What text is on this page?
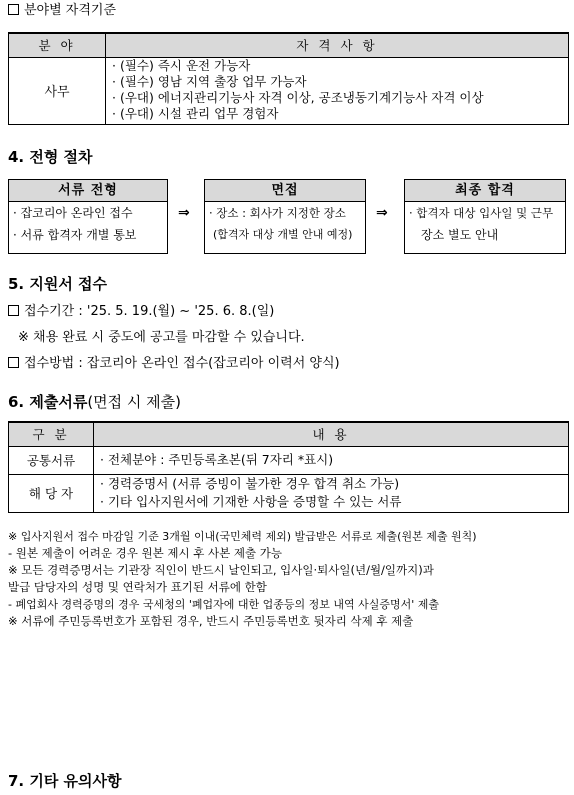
분야별 자격기준
분 야	자 격 사 항
사무	· (필수) 즉시 운전 가능자
· (필수) 영남 지역 출장 업무 가능자
· (우대) 에너지관리기능사 자격 이상, 공조냉동기계기능사 자격 이상
· (우대) 시설 관리 업무 경험자
4. 전형 절차
서류 전형
· 잡코리아 온라인 접수
· 서류 합격자 개별 통보
⇒
면접
· 장소 : 회사가 지정한 장소
(합격자 대상 개별 안내 예정)
⇒
최종 합격
· 합격자 대상 입사일 및 근무
장소 별도 안내
5. 지원서 접수
접수기간 : '25. 5. 19.(월) ~ '25. 6. 8.(일)
※ 채용 완료 시 중도에 공고를 마감할 수 있습니다.
접수방법 : 잡코리아 온라인 접수(잡코리아 이력서 양식)
6. 제출서류(면접 시 제출)
구 분	내 용
공통서류	· 전체분야 : 주민등록초본(뒤 7자리 *표시)

해 당 자	· 경력증명서 (서류 증빙이 불가한 경우 합격 취소 가능)
· 기타 입사지원서에 기재한 사항을 증명할 수 있는 서류
※ 입사지원서 접수 마감일 기준 3개월 이내(국민체력 제외) 발급받은 서류로 제출(원본 제출 원칙)
- 원본 제출이 어려운 경우 원본 제시 후 사본 제출 가능
※ 모든 경력증명서는 기관장 직인이 반드시 날인되고, 입사일·퇴사일(년/월/일까지)과
발급 담당자의 성명 및 연락처가 표기된 서류에 한함
- 폐업회사 경력증명의 경우 국세청의 '폐업자에 대한 업종등의 정보 내역 사실증명서' 제출
※ 서류에 주민등록번호가 포함된 경우, 반드시 주민등록번호 뒷자리 삭제 후 제출
7. 기타 유의사항
